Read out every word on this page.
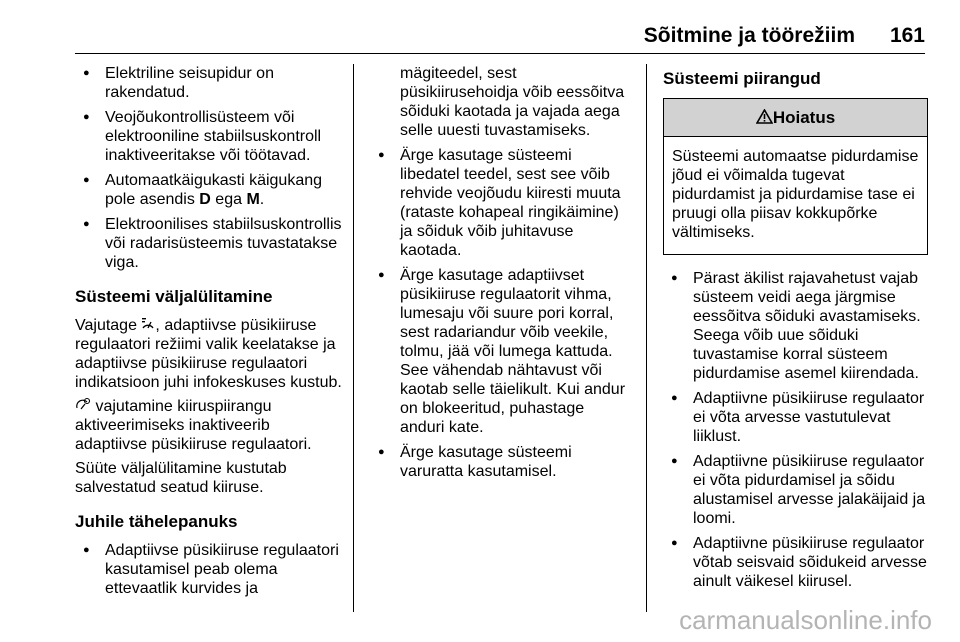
Sõitmine ja töörežiim 161
● Elektriline seisupidur on rakendatud.
● Veojõukontrollisüsteem või elektrooniline stabiilsuskontroll inaktiveeritakse või töötavad.
● Automaatkäigukasti käigukang pole asendis D ega M.
● Elektroonilises stabiilsuskontrollis või radarisüsteemis tuvastatakse viga.
Süsteemi väljalülitamine
Vajutage , adaptiivse püsikiiruse regulaatori režiimi valik keelatakse ja adaptiivse püsikiiruse regulaatori indikatsioon juhi infokeskuses kustub.
vajutamine kiiruspiirangu aktiveerimiseks inaktiveerib adaptiivse püsikiiruse regulaatori.
Süüte väljalülitamine kustutab salvestatud seatud kiiruse.
Juhile tähelepanuks
● Adaptiivse püsikiiruse regulaatori kasutamisel peab olema ettevaatlik kurvides ja
mägiteedel, sest püsikiirusehoidja võib eessõitva sõiduki kaotada ja vajada aega selle uuesti tuvastamiseks.
● Ärge kasutage süsteemi libedatel teedel, sest see võib rehvide veojõudu kiiresti muuta (rataste kohapeal ringikäimine) ja sõiduk võib juhitavuse kaotada.
● Ärge kasutage adaptiivset püsikiiruse regulaatorit vihma, lumesaju või suure pori korral, sest radariandur võib veekile, tolmu, jää või lumega kattuda. See vähendab nähtavust või kaotab selle täielikult. Kui andur on blokeeritud, puhastage anduri kate.
● Ärge kasutage süsteemi varuratta kasutamisel.
Süsteemi piirangud
Hoiatus
Süsteemi automaatse pidurdamise jõud ei võimalda tugevat pidurdamist ja pidurdamise tase ei pruugi olla piisav kokkupõrke vältimiseks.
● Pärast äkilist rajavahetust vajab süsteem veidi aega järgmise eessõitva sõiduki avastamiseks. Seega võib uue sõiduki tuvastamise korral süsteem pidurdamise asemel kiirendada.
● Adaptiivne püsikiiruse regulaator ei võta arvesse vastutulevat liiklust.
● Adaptiivne püsikiiruse regulaator ei võta pidurdamisel ja sõidu alustamisel arvesse jalakäijaid ja loomi.
● Adaptiivne püsikiiruse regulaator võtab seisvaid sõidukeid arvesse ainult väikesel kiirusel.
carmanualsonline.info
